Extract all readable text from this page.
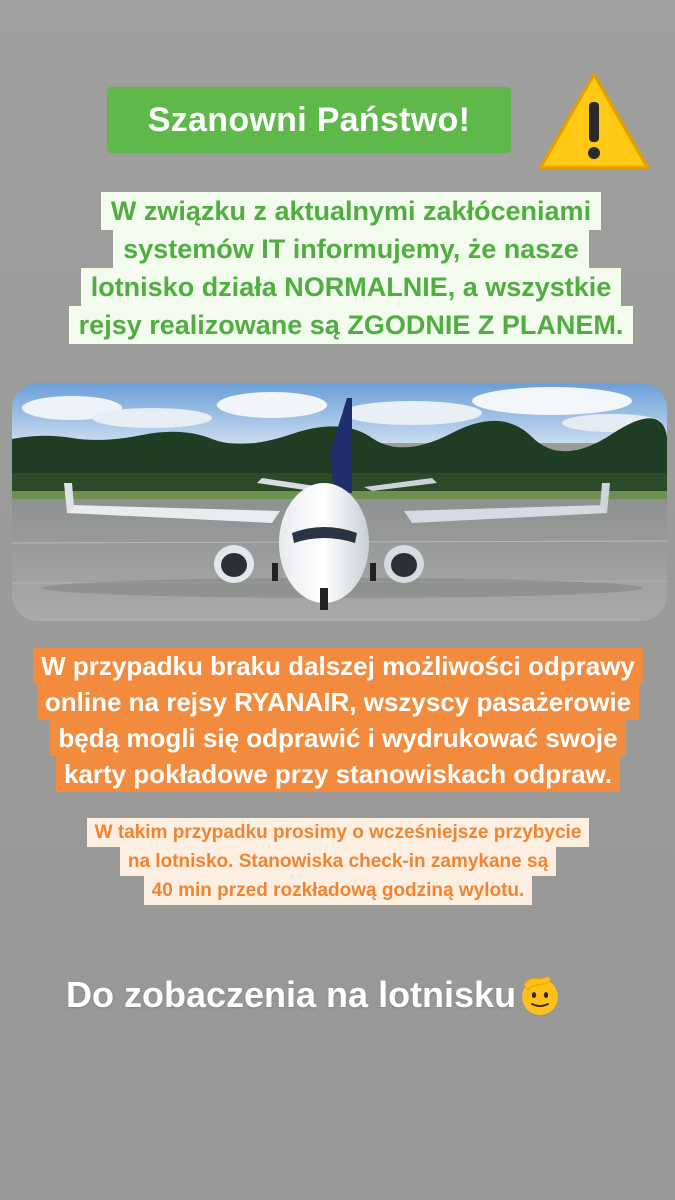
Szanowni Państwo!
W związku z aktualnymi zakłóceniami
systemów IT informujemy, że nasze
lotnisko działa NORMALNIE, a wszystkie
rejsy realizowane są ZGODNIE Z PLANEM.
W przypadku braku dalszej możliwości odprawy
online na rejsy RYANAIR, wszyscy pasażerowie
będą mogli się odprawić i wydrukować swoje
karty pokładowe przy stanowiskach odpraw.
W takim przypadku prosimy o wcześniejsze przybycie
na lotnisko. Stanowiska check-in zamykane są
40 min przed rozkładową godziną wylotu.
Do zobaczenia na lotnisku
